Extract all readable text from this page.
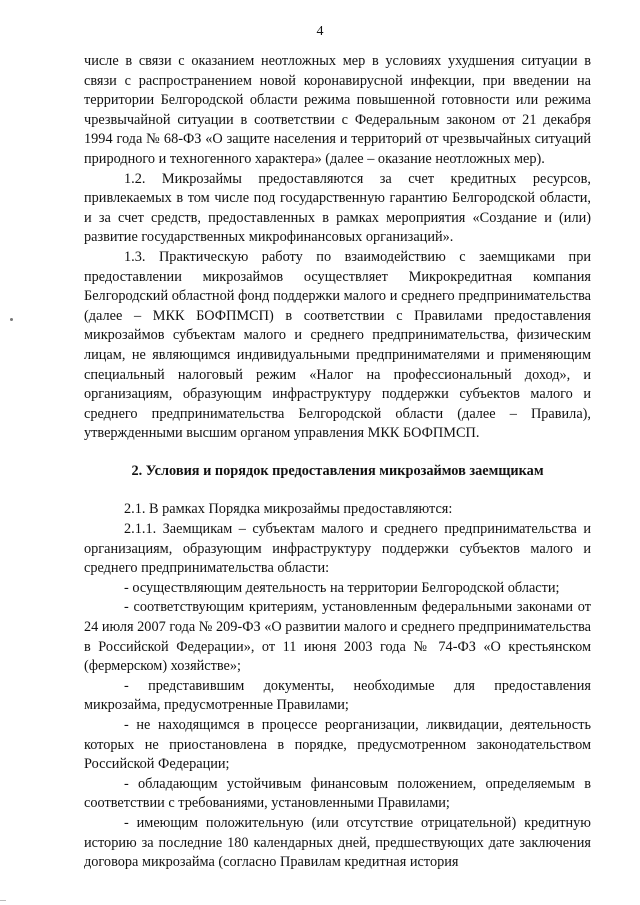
4

числе в связи с оказанием неотложных мер в условиях ухудшения ситуации в связи с распространением новой коронавирусной инфекции, при введении на территории Белгородской области режима повышенной готовности или режима чрезвычайной ситуации в соответствии с Федеральным законом от 21 декабря 1994 года № 68-ФЗ «О защите населения и территорий от чрезвычайных ситуаций природного и техногенного характера» (далее – оказание неотложных мер).

1.2. Микрозаймы предоставляются за счет кредитных ресурсов, привлекаемых в том числе под государственную гарантию Белгородской области, и за счет средств, предоставленных в рамках мероприятия «Создание и (или) развитие государственных микрофинансовых организаций».

1.3. Практическую работу по взаимодействию с заемщиками при предоставлении микрозаймов осуществляет Микрокредитная компания Белгородский областной фонд поддержки малого и среднего предпринимательства (далее – МКК БОФПМСП) в соответствии с Правилами предоставления микрозаймов субъектам малого и среднего предпринимательства, физическим лицам, не являющимся индивидуальными предпринимателями и применяющим специальный налоговый режим «Налог на профессиональный доход», и организациям, образующим инфраструктуру поддержки субъектов малого и среднего предпринимательства Белгородской области (далее – Правила), утвержденными высшим органом управления МКК БОФПМСП.

2. Условия и порядок предоставления микрозаймов заемщикам

2.1. В рамках Порядка микрозаймы предоставляются:

2.1.1. Заемщикам – субъектам малого и среднего предпринимательства и организациям, образующим инфраструктуру поддержки субъектов малого и среднего предпринимательства области:

- осуществляющим деятельность на территории Белгородской области;

- соответствующим критериям, установленным федеральными законами от 24 июля 2007 года № 209-ФЗ «О развитии малого и среднего предпринимательства в Российской Федерации», от 11 июня 2003 года № 74-ФЗ «О крестьянском (фермерском) хозяйстве»;

- представившим документы, необходимые для предоставления микрозайма, предусмотренные Правилами;

- не находящимся в процессе реорганизации, ликвидации, деятельность которых не приостановлена в порядке, предусмотренном законодательством Российской Федерации;

- обладающим устойчивым финансовым положением, определяемым в соответствии с требованиями, установленными Правилами;

- имеющим положительную (или отсутствие отрицательной) кредитную историю за последние 180 календарных дней, предшествующих дате заключения договора микрозайма (согласно Правилам кредитная история
